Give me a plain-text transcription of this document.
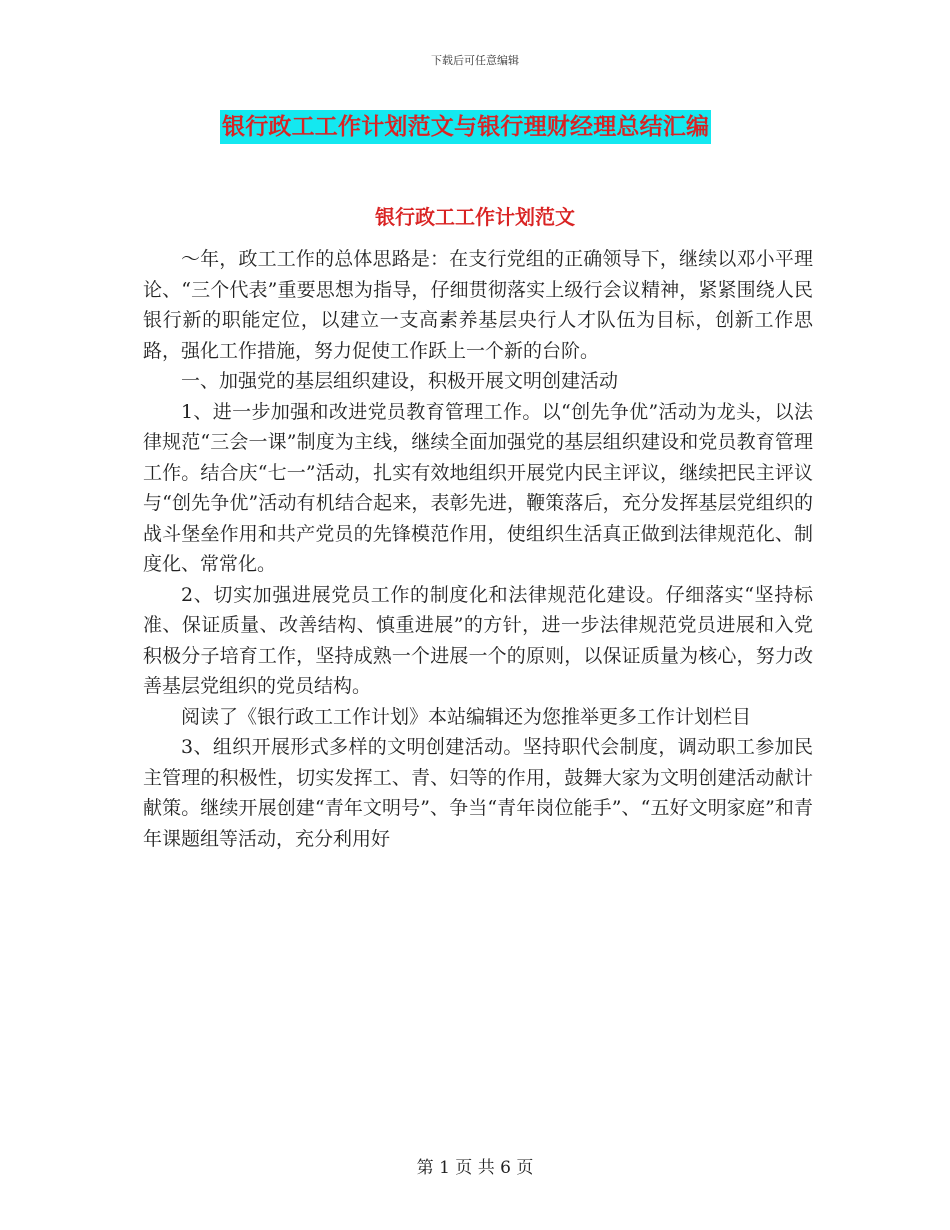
下载后可任意编辑
银行政工工作计划范文与银行理财经理总结汇编
银行政工工作计划范文

～年，政工工作的总体思路是：在支行党组的正确领导下，继续以邓小平理论、“三个代表”重要思想为指导，仔细贯彻落实上级行会议精神，紧紧围绕人民银行新的职能定位，以建立一支高素养基层央行人才队伍为目标，创新工作思路，强化工作措施，努力促使工作跃上一个新的台阶。

一、加强党的基层组织建设，积极开展文明创建活动

1、进一步加强和改进党员教育管理工作。以“创先争优”活动为龙头，以法律规范“三会一课”制度为主线，继续全面加强党的基层组织建设和党员教育管理工作。结合庆“七一”活动，扎实有效地组织开展党内民主评议，继续把民主评议与“创先争优”活动有机结合起来，表彰先进，鞭策落后，充分发挥基层党组织的战斗堡垒作用和共产党员的先锋模范作用，使组织生活真正做到法律规范化、制度化、常常化。

2、切实加强进展党员工作的制度化和法律规范化建设。仔细落实“坚持标准、保证质量、改善结构、慎重进展”的方针，进一步法律规范党员进展和入党积极分子培育工作，坚持成熟一个进展一个的原则，以保证质量为核心，努力改善基层党组织的党员结构。

阅读了《银行政工工作计划》本站编辑还为您推举更多工作计划栏目

3、组织开展形式多样的文明创建活动。坚持职代会制度，调动职工参加民主管理的积极性，切实发挥工、青、妇等的作用，鼓舞大家为文明创建活动献计献策。继续开展创建“青年文明号”、争当“青年岗位能手”、“五好文明家庭”和青年课题组等活动，充分利用好

第 1 页 共 6 页
